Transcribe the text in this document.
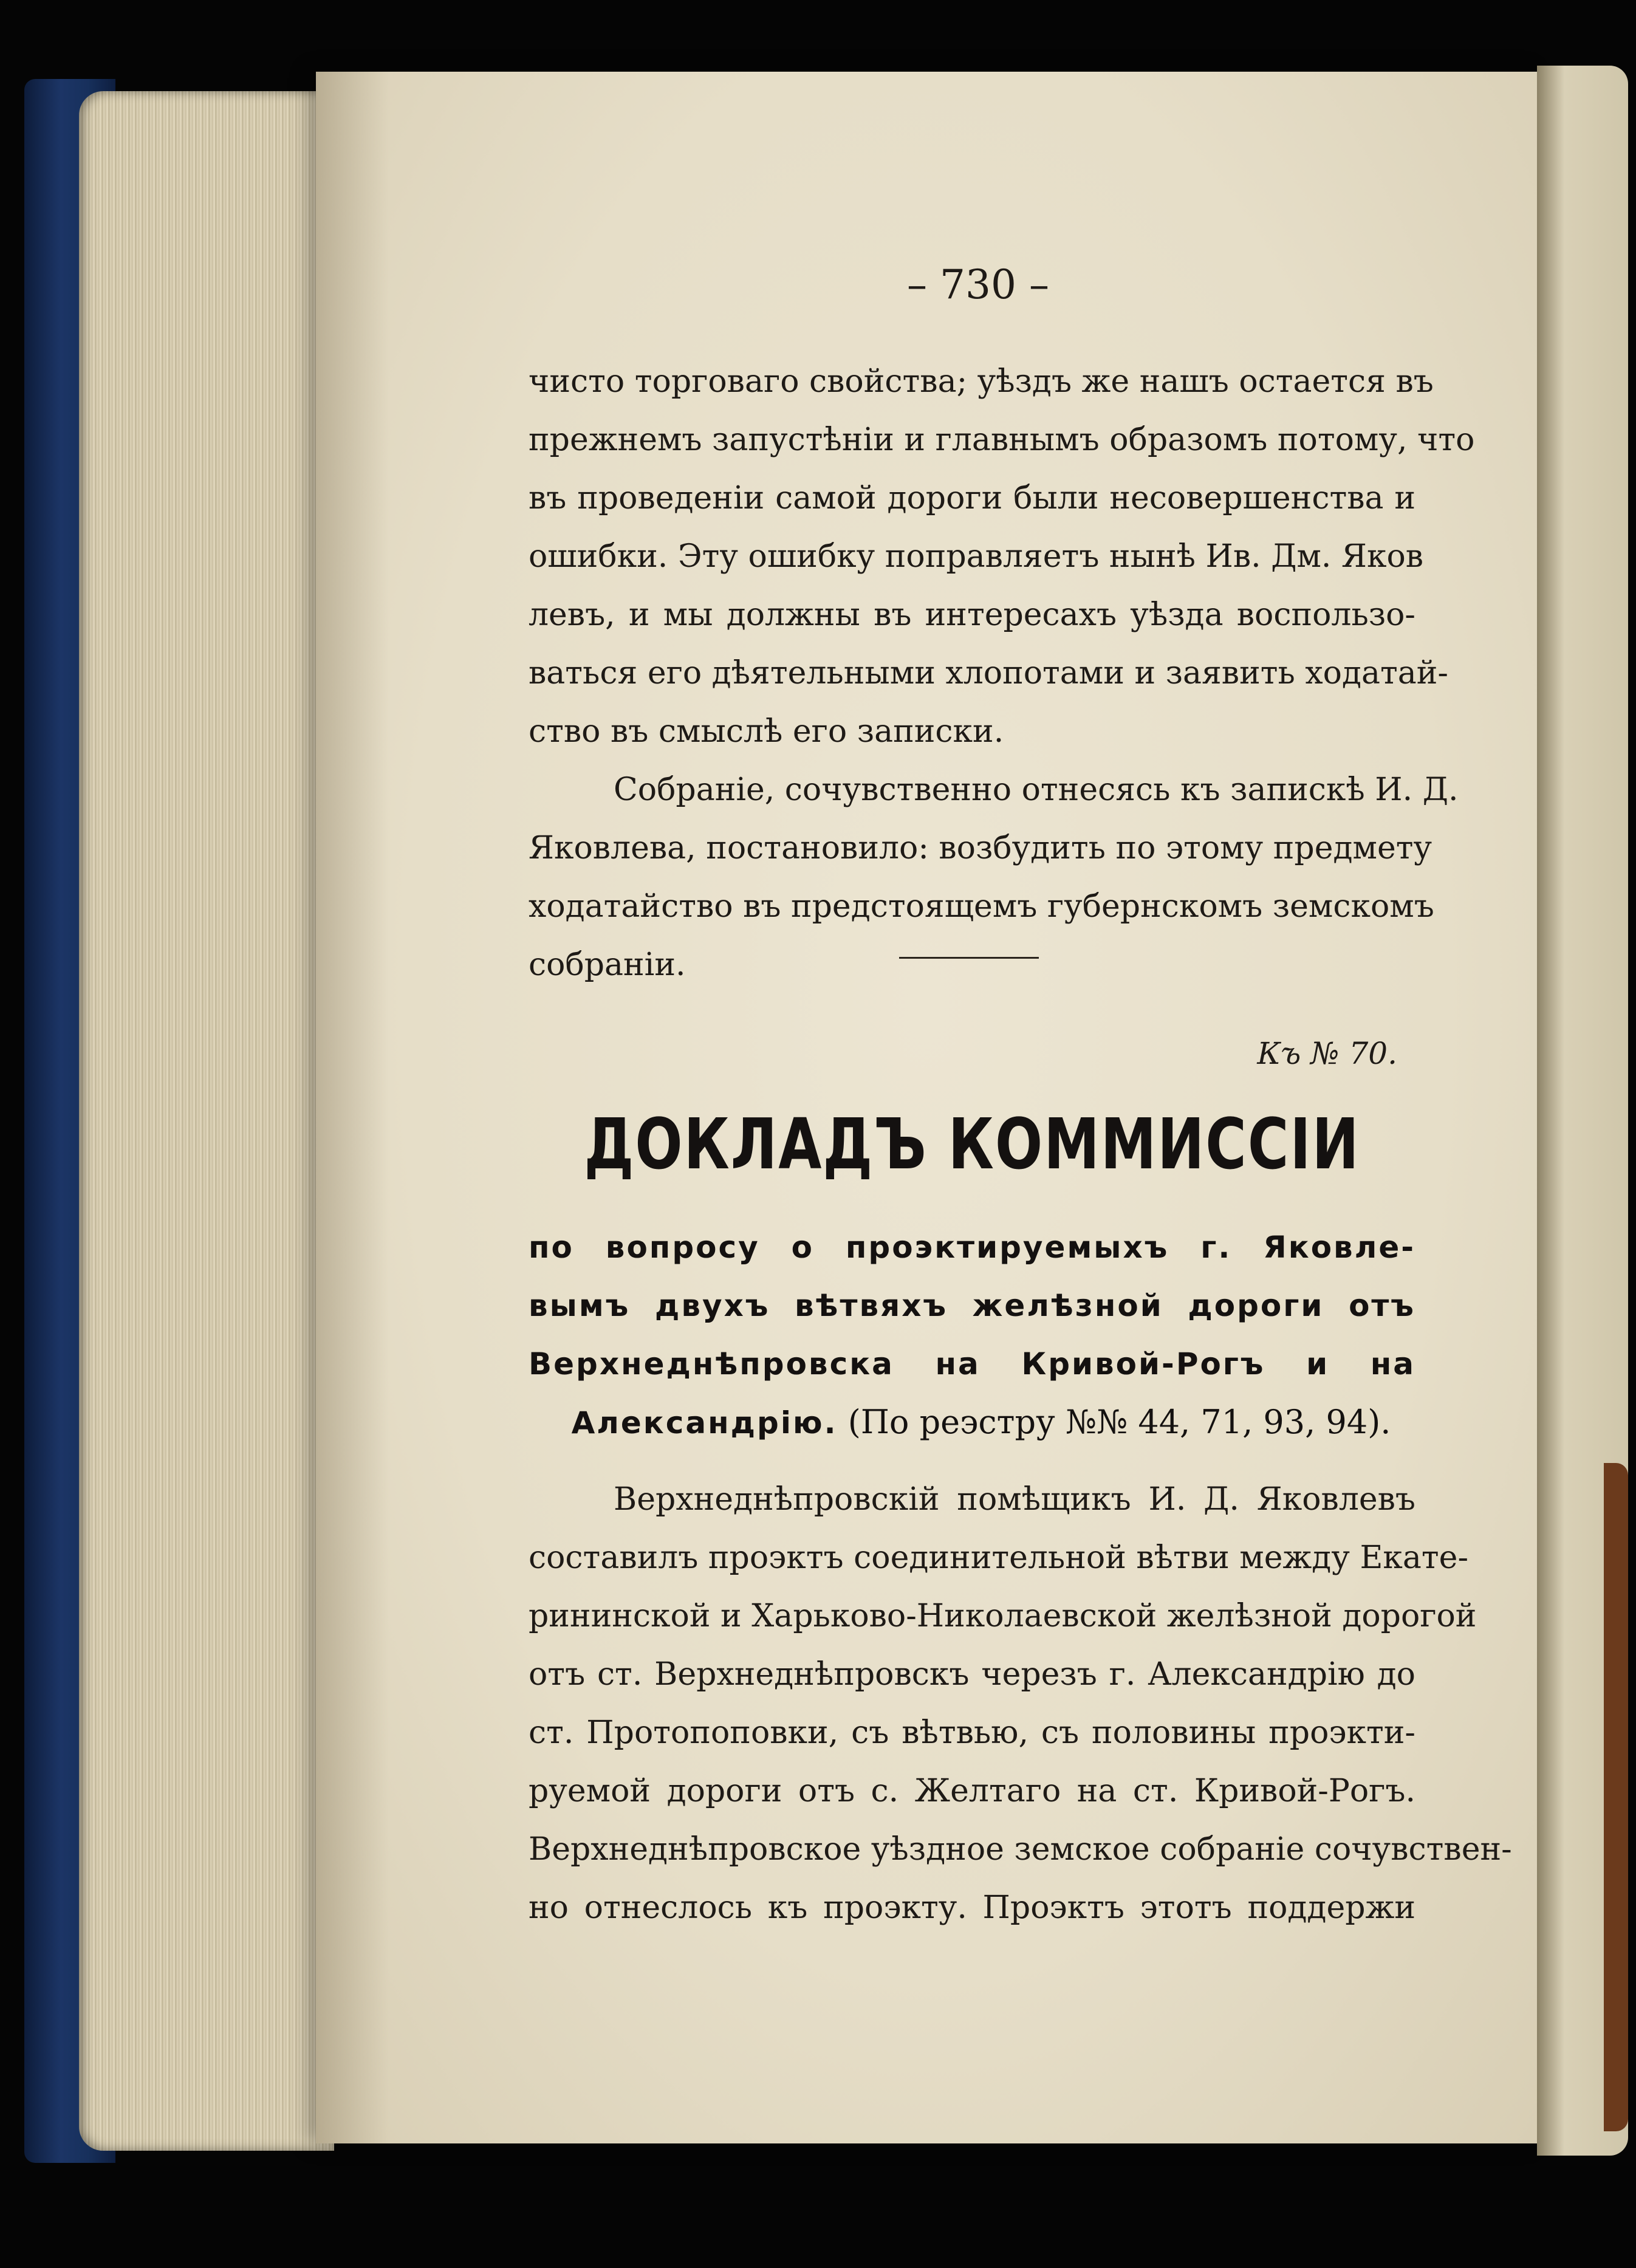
– 730 –
чисто торговаго свойства; уѣздъ же нашъ остается въ
прежнемъ запустѣнiи и главнымъ образомъ потому, что
въ проведенiи самой дороги были несовершенства и
ошибки. Эту ошибку поправляетъ нынѣ Ив. Дм. Яков
левъ, и мы должны въ интересахъ уѣзда воспользо-
ваться его дѣятельными хлопотами и заявить ходатай-
ство въ смыслѣ его записки.
Собранiе, сочувственно отнесясь къ запискѣ И. Д.
Яковлева, постановило: возбудить по этому предмету
ходатайство въ предстоящемъ губернскомъ земскомъ
собранiи.
Къ № 70.
ДОКЛАДЪ КОММИССІИ
по вопросу о проэктируемыхъ г. Яковле-
вымъ двухъ вѣтвяхъ желѣзной дороги отъ
Верхнеднѣпровска на Кривой-Рогъ и на
Александрiю. (По реэстру №№ 44, 71, 93, 94).
Верхнеднѣпровскiй помѣщикъ И. Д. Яковлевъ
составилъ проэктъ соединительной вѣтви между Екате-
рининской и Харьково-Николаевской желѣзной дорогой
отъ ст. Верхнеднѣпровскъ черезъ г. Александрiю до
ст. Протопоповки, съ вѣтвью, съ половины проэкти-
руемой дороги отъ с. Желтаго на ст. Кривой-Рогъ.
Верхнеднѣпровское уѣздное земское собранiе сочувствен-
но отнеслось къ проэкту. Проэктъ этотъ поддержи
